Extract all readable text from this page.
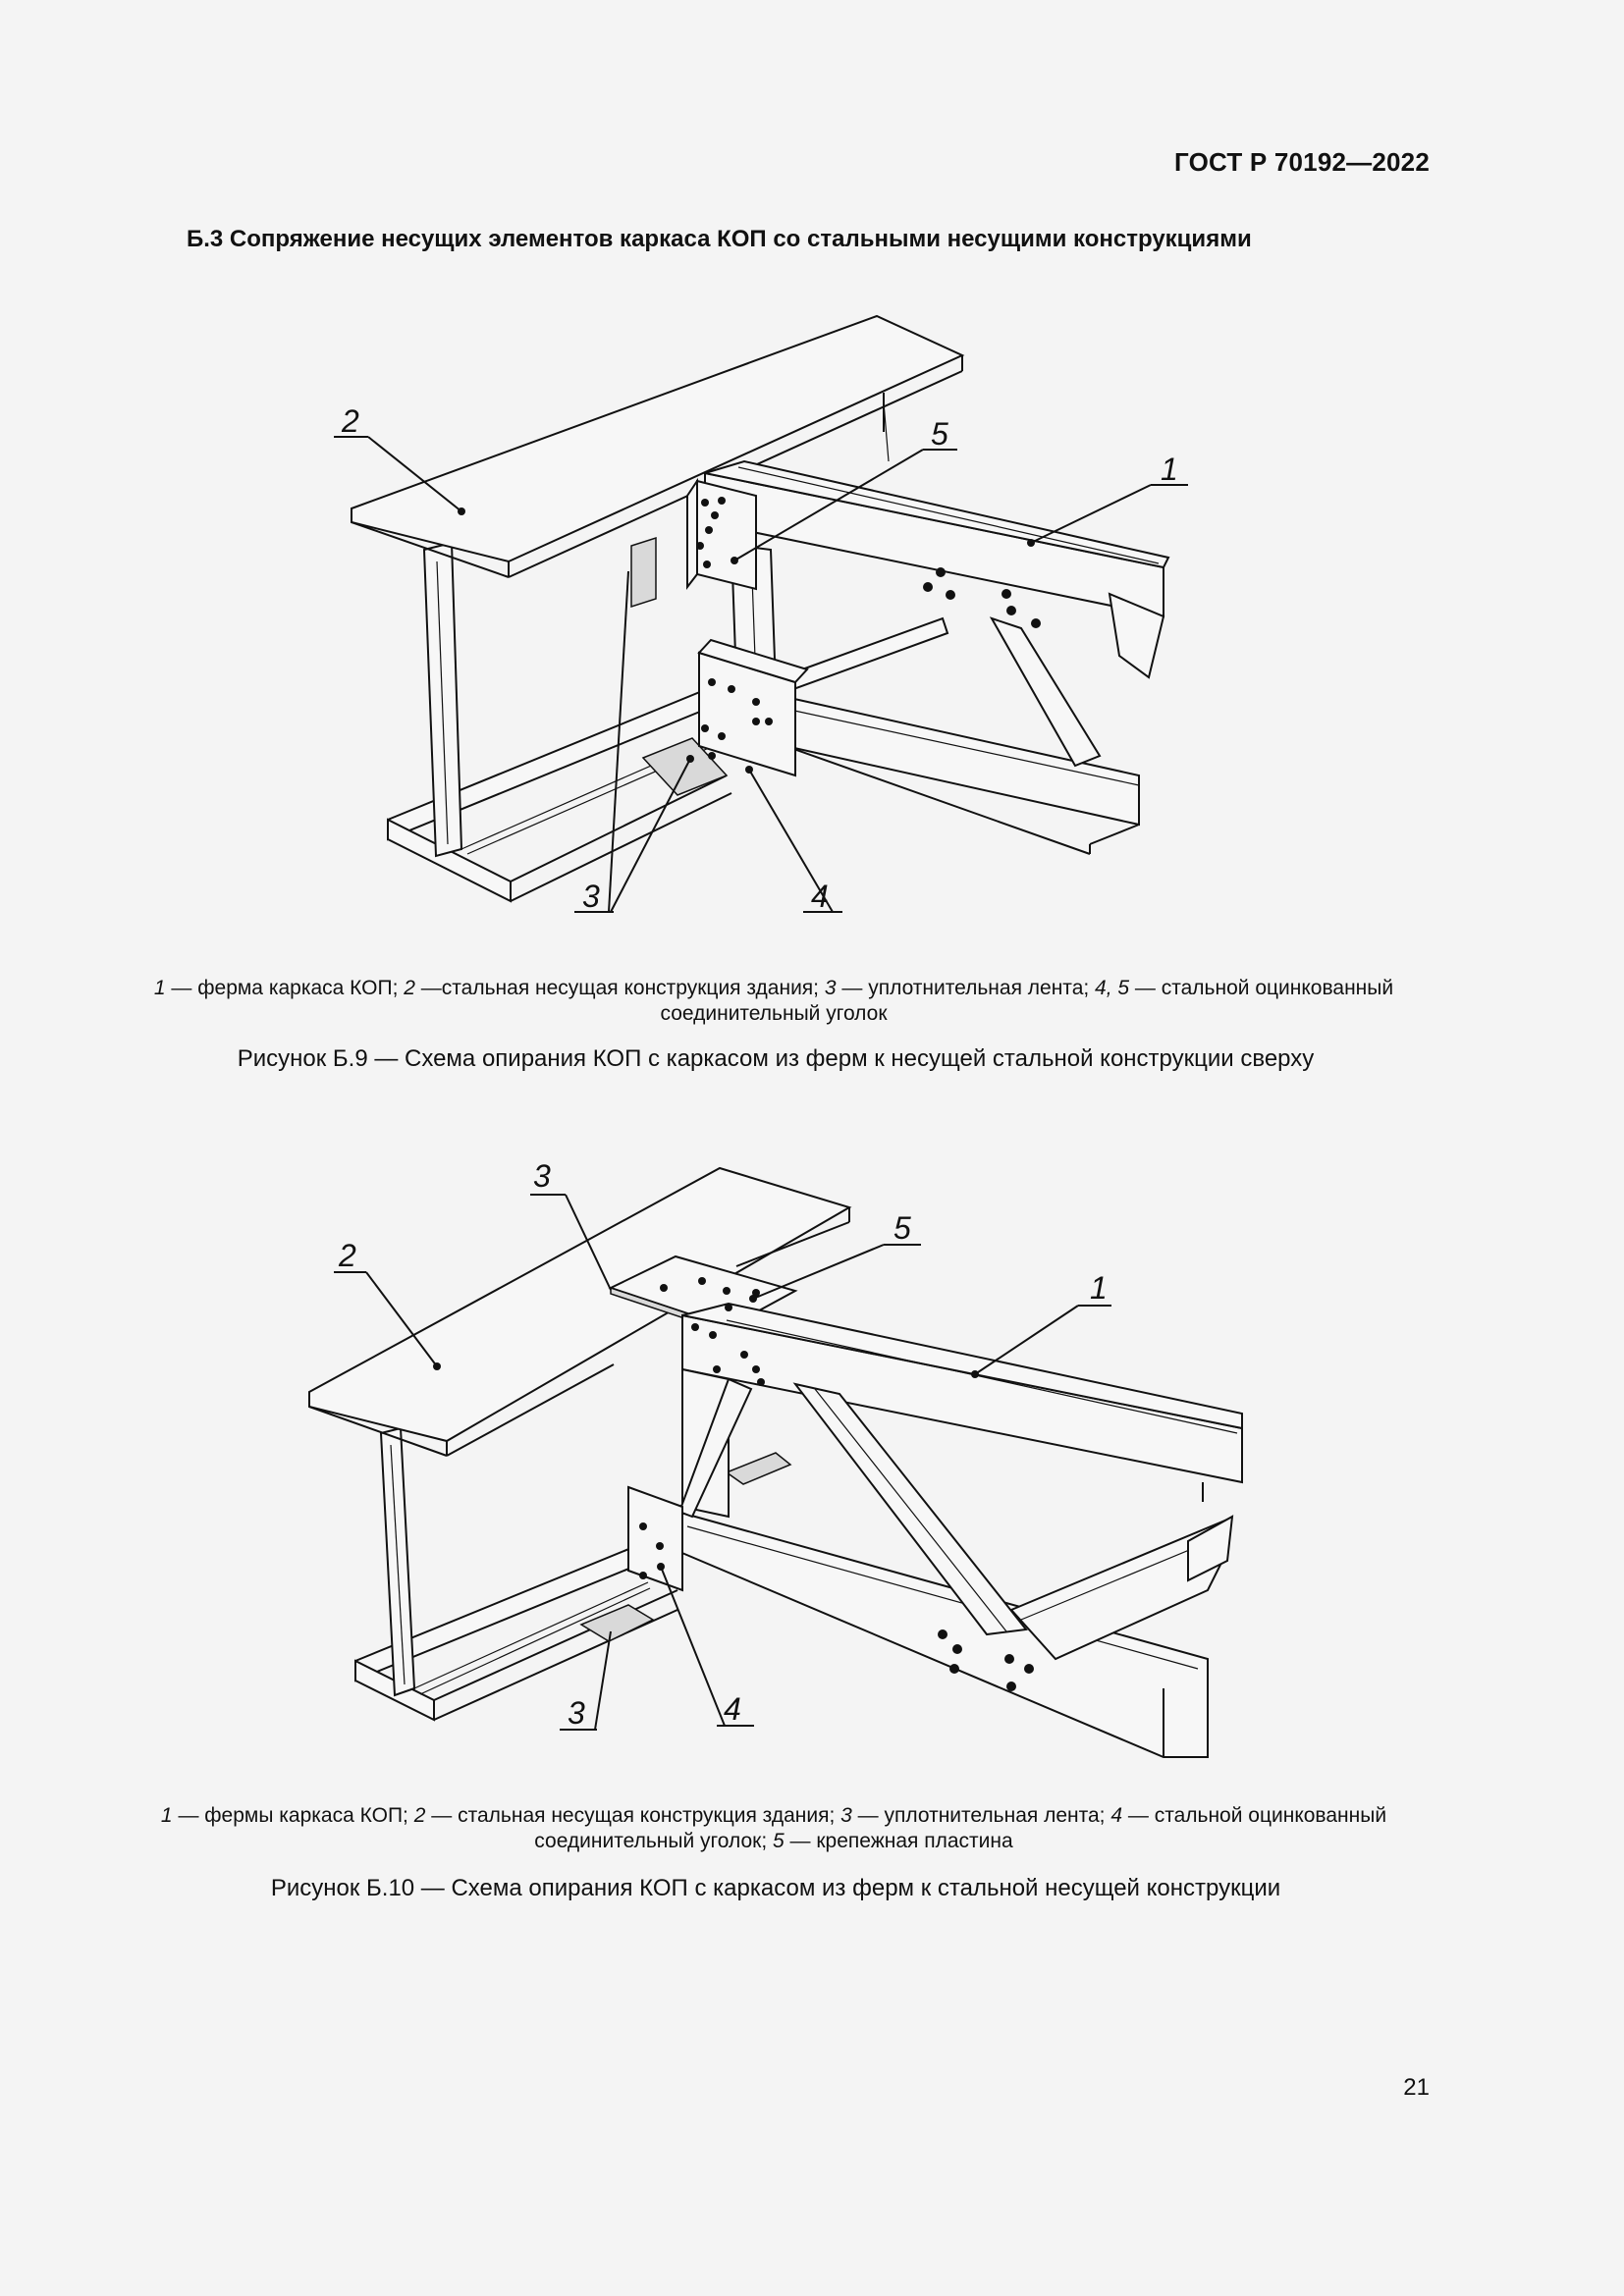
ГОСТ Р 70192—2022
Б.3 Сопряжение несущих элементов каркаса КОП со стальными несущими конструкциями
2	5
1
3	4
1 — ферма каркаса КОП; 2 —стальная несущая конструкция здания; 3 — уплотнительная лента; 4, 5 — стальной оцинкованный соединительный уголок
Рисунок Б.9 — Схема опирания КОП с каркасом из ферм к несущей стальной конструкции сверху
2
3
5
1
3	4
1 — фермы каркаса КОП; 2 — стальная несущая конструкция здания; 3 — уплотнительная лента; 4 — стальной оцинкованный соединительный уголок; 5 — крепежная пластина
Рисунок Б.10 — Схема опирания КОП с каркасом из ферм к стальной несущей конструкции
21
